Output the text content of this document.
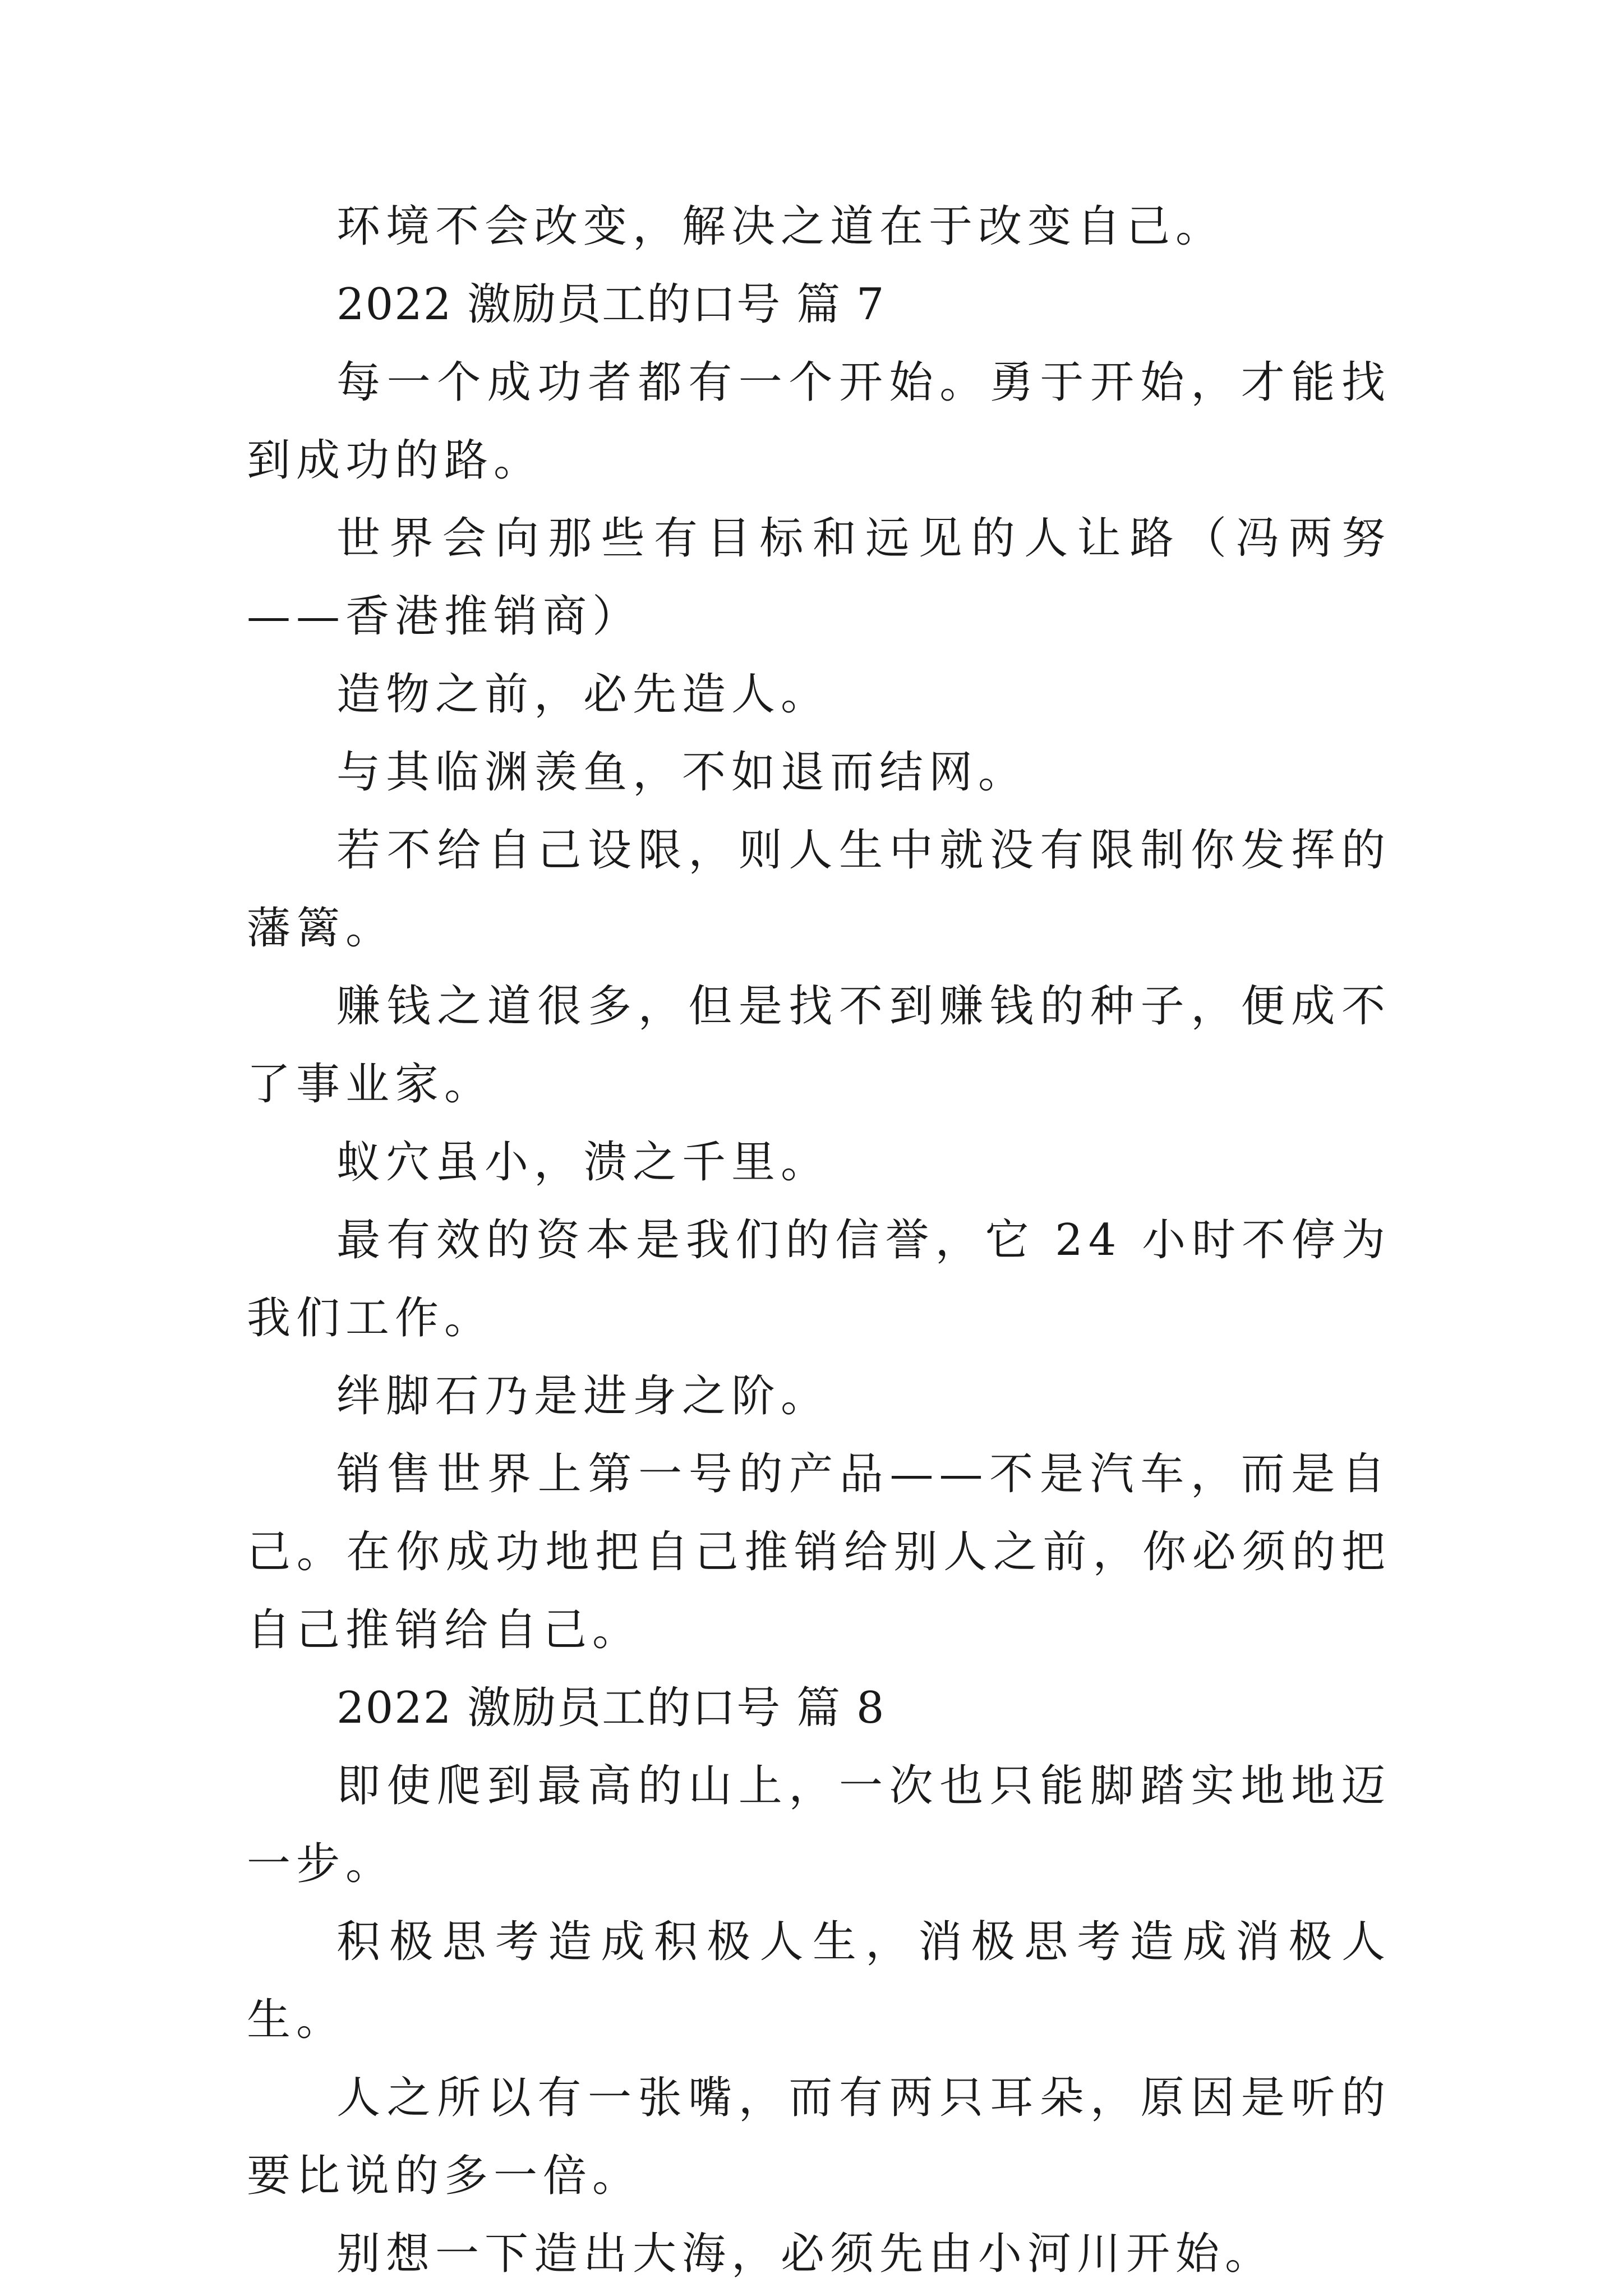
环境不会改变，解决之道在于改变自己。

2022 激励员工的口号 篇 7

每一个成功者都有一个开始。勇于开始，才能找到成功的路。

世界会向那些有目标和远见的人让路（冯两努——香港推销商）

造物之前，必先造人。

与其临渊羡鱼，不如退而结网。

若不给自己设限，则人生中就没有限制你发挥的藩篱。

赚钱之道很多，但是找不到赚钱的种子，便成不了事业家。

蚁穴虽小，溃之千里。

最有效的资本是我们的信誉，它 24 小时不停为我们工作。

绊脚石乃是进身之阶。

销售世界上第一号的产品——不是汽车，而是自己。在你成功地把自己推销给别人之前，你必须的把自己推销给自己。

2022 激励员工的口号 篇 8

即使爬到最高的山上，一次也只能脚踏实地地迈一步。

积极思考造成积极人生，消极思考造成消极人生。

人之所以有一张嘴，而有两只耳朵，原因是听的要比说的多一倍。

别想一下造出大海，必须先由小河川开始。
